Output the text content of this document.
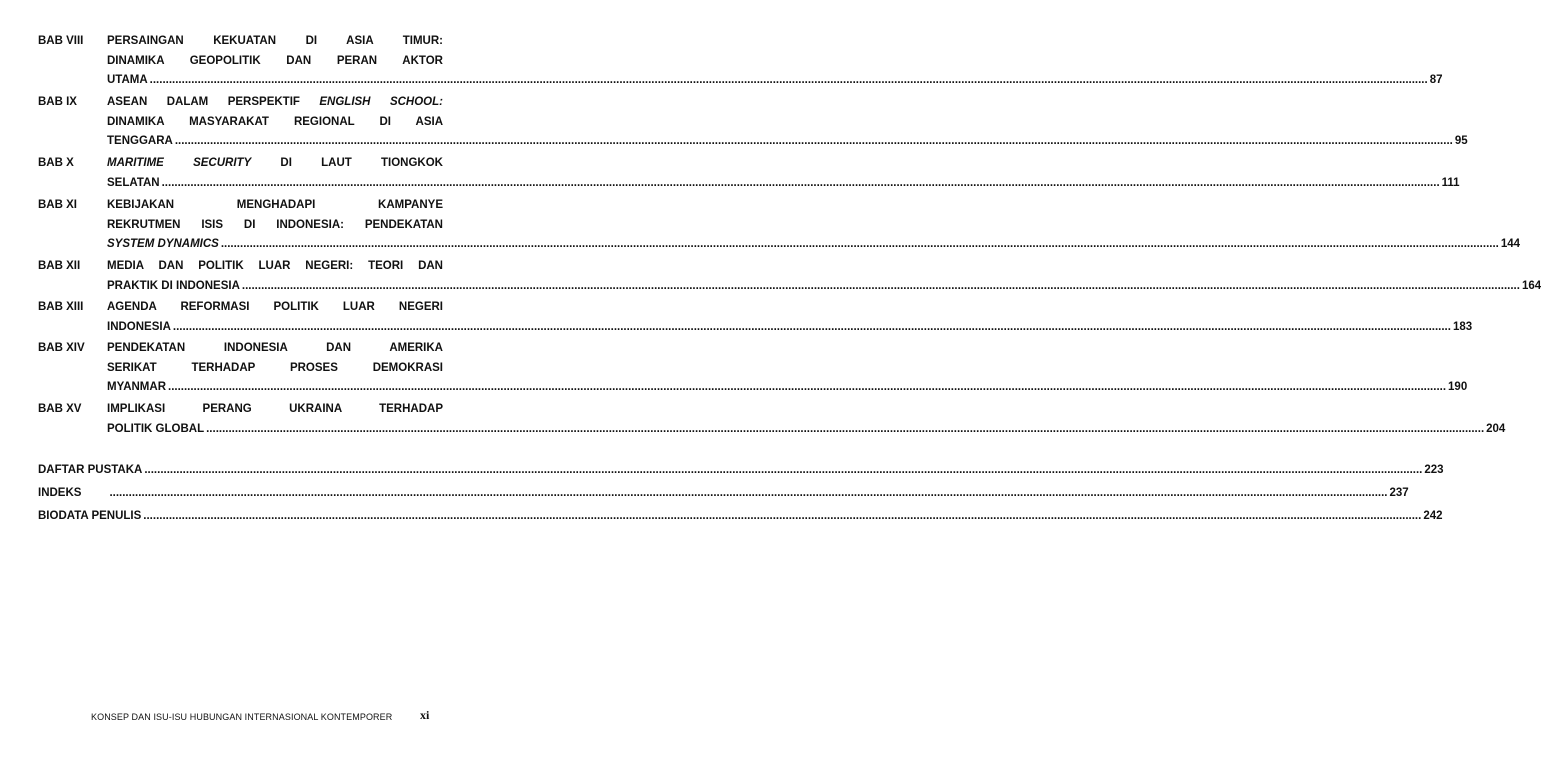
BAB VIII	PERSAINGAN KEKUATAN DI ASIA TIMUR:
DINAMIKA GEOPOLITIK DAN PERAN AKTOR
UTAMA ................................................................................................................................................................................................................................................................................................................................................................................................................ 87
BAB IX	ASEAN DALAM PERSPEKTIF ENGLISH SCHOOL:
DINAMIKA MASYARAKAT REGIONAL DI ASIA
TENGGARA ................................................................................................................................................................................................................................................................................................................................................................................................................ 95
BAB X	MARITIME SECURITY DI LAUT TIONGKOK
SELATAN ................................................................................................................................................................................................................................................................................................................................................................................................................ 111
BAB XI	KEBIJAKAN MENGHADAPI KAMPANYE
REKRUTMEN ISIS DI INDONESIA: PENDEKATAN
SYSTEM DYNAMICS ................................................................................................................................................................................................................................................................................................................................................................................................................ 144
BAB XII	MEDIA DAN POLITIK LUAR NEGERI: TEORI DAN
PRAKTIK DI INDONESIA ................................................................................................................................................................................................................................................................................................................................................................................................................ 164
BAB XIII	AGENDA REFORMASI POLITIK LUAR NEGERI
INDONESIA ................................................................................................................................................................................................................................................................................................................................................................................................................ 183
BAB XIV	PENDEKATAN INDONESIA DAN AMERIKA
SERIKAT TERHADAP PROSES DEMOKRASI
MYANMAR ................................................................................................................................................................................................................................................................................................................................................................................................................ 190
BAB XV	IMPLIKASI PERANG UKRAINA TERHADAP
POLITIK GLOBAL ................................................................................................................................................................................................................................................................................................................................................................................................................ 204
DAFTAR PUSTAKA ................................................................................................................................................................................................................................................................................................................................................................................................................ 223
INDEKS	................................................................................................................................................................................................................................................................................................................................................................................................................ 237
BIODATA PENULIS ................................................................................................................................................................................................................................................................................................................................................................................................................ 242
KONSEP DAN ISU-ISU HUBUNGAN INTERNASIONAL KONTEMPORER xi
